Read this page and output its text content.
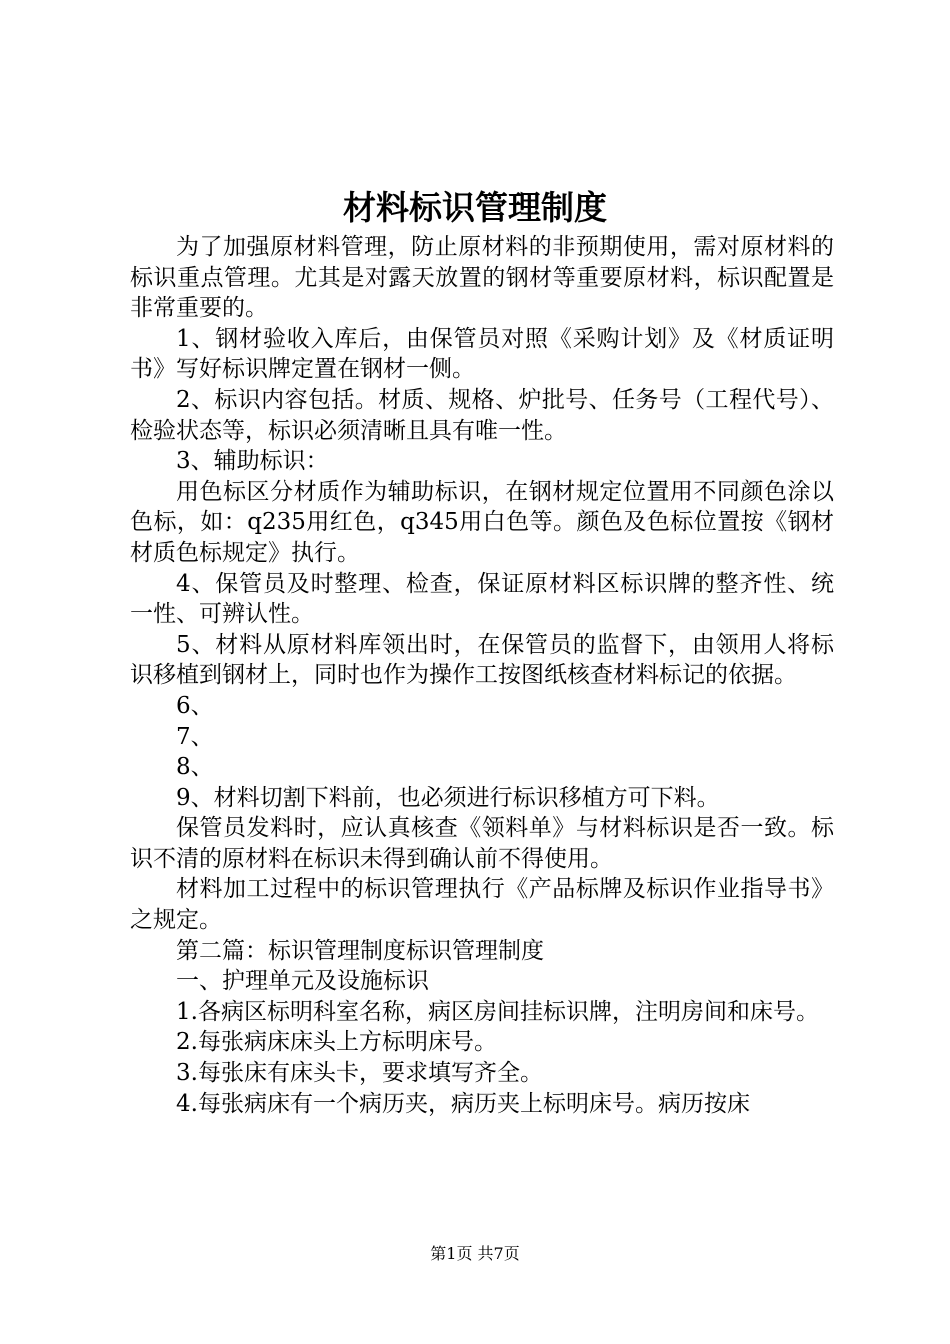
材料标识管理制度

为了加强原材料管理，防止原材料的非预期使用，需对原材料的标识重点管理。尤其是对露天放置的钢材等重要原材料，标识配置是非常重要的。

1、钢材验收入库后，由保管员对照《采购计划》及《材质证明书》写好标识牌定置在钢材一侧。

2、标识内容包括。材质、规格、炉批号、任务号（工程代号）、检验状态等，标识必须清晰且具有唯一性。

3、辅助标识：

用色标区分材质作为辅助标识，在钢材规定位置用不同颜色涂以色标，如：q235用红色，q345用白色等。颜色及色标位置按《钢材材质色标规定》执行。

4、保管员及时整理、检查，保证原材料区标识牌的整齐性、统一性、可辨认性。

5、材料从原材料库领出时，在保管员的监督下，由领用人将标识移植到钢材上，同时也作为操作工按图纸核查材料标记的依据。

6、

7、

8、

9、材料切割下料前，也必须进行标识移植方可下料。

保管员发料时，应认真核查《领料单》与材料标识是否一致。标识不清的原材料在标识未得到确认前不得使用。

材料加工过程中的标识管理执行《产品标牌及标识作业指导书》之规定。

第二篇：标识管理制度标识管理制度

一、护理单元及设施标识

1.各病区标明科室名称，病区房间挂标识牌，注明房间和床号。

2.每张病床床头上方标明床号。

3.每张床有床头卡，要求填写齐全。

4.每张病床有一个病历夹，病历夹上标明床号。病历按床

第1页 共7页
